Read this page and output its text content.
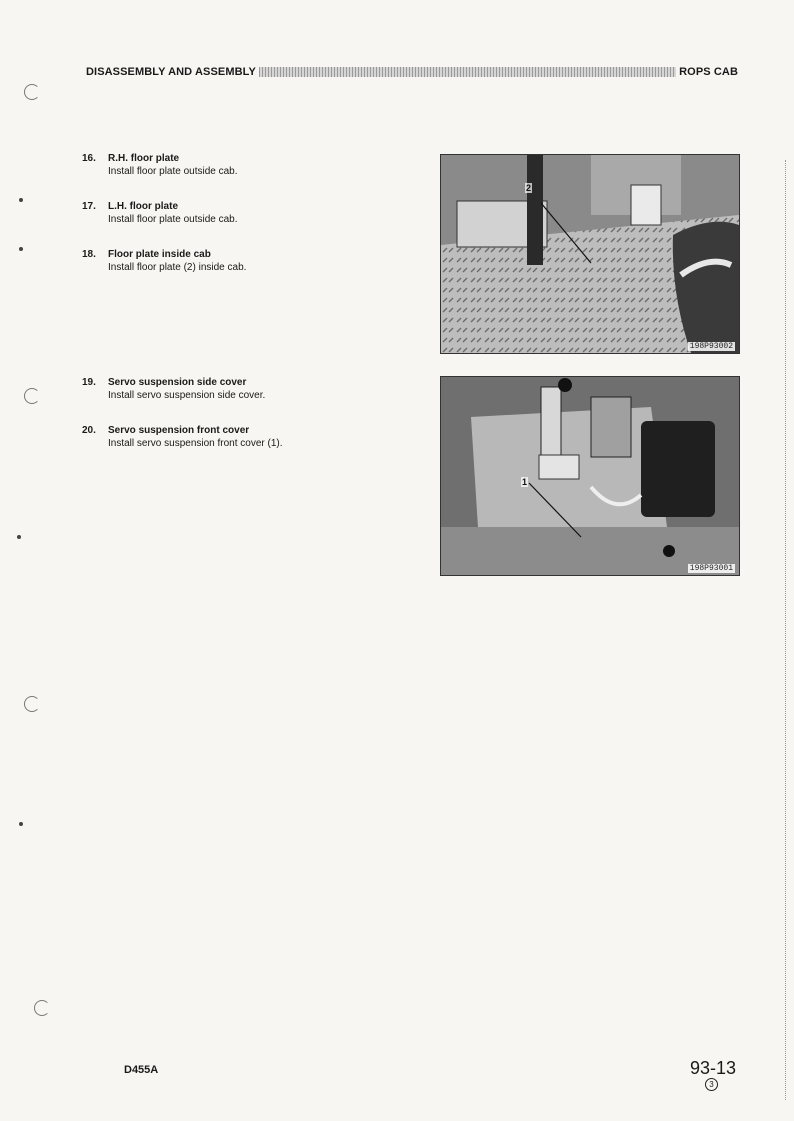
DISASSEMBLY AND ASSEMBLY	ROPS CAB
16. R.H. floor plate
Install floor plate outside cab.
17. L.H. floor plate
Install floor plate outside cab.
18. Floor plate inside cab
Install floor plate (2) inside cab.
19. Servo suspension side cover
Install servo suspension side cover.
20. Servo suspension front cover
Install servo suspension front cover (1).
2
198P93002
1
198P93001
D455A	93-13
3
